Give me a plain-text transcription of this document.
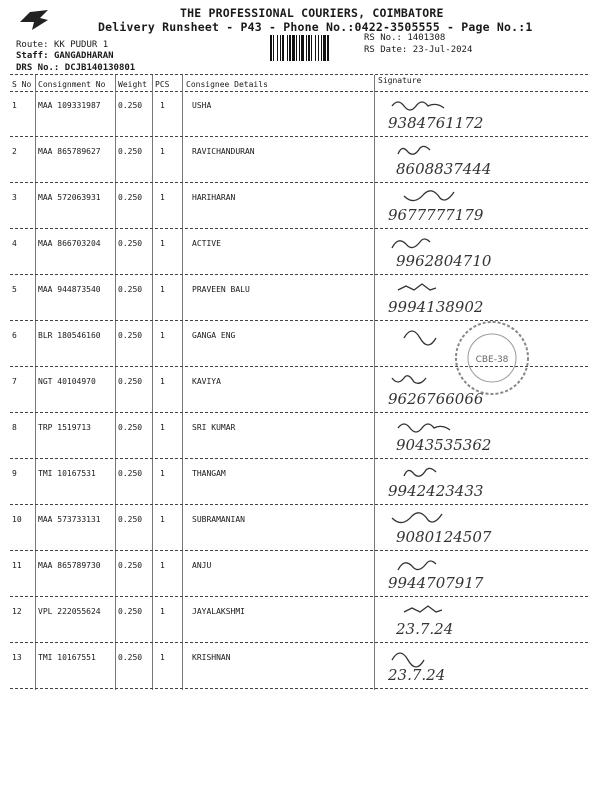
THE PROFESSIONAL COURIERS, COIMBATORE
Delivery Runsheet - P43 - Phone No.:0422-3505555 - Page No.:1
Route: KK PUDUR 1
Staff: GANGADHARAN
DRS No.: DCJB140130801
RS No.: 1401308
RS Date: 23-Jul-2024
S No Consignment No Weight PCS Consignee Details	Signature
1	MAA 109331987 0.250 1	USHA
9384761172
2	MAA 865789627 0.250 1	RAVICHANDURAN
8608837444
3	MAA 572063931 0.250 1	HARIHARAN
9677777179
4	MAA 866703204 0.250 1	ACTIVE
9962804710
5	MAA 944873540 0.250 1	PRAVEEN BALU
9994138902
6	BLR 180546160 0.250 1	GANGA ENG
7	NGT 40104970	0.250 1	KAVIYA
9626766066
8	TRP 1519713	0.250 1	SRI KUMAR
9043535362
9	TMI 10167531	0.250 1	THANGAM
9942423433
10 MAA 573733131 0.250 1	SUBRAMANIAN
9080124507
11 MAA 865789730 0.250 1	ANJU
9944707917
12 VPL 222055624 0.250 1	JAYALAKSHMI
23.7.24
13 TMI 10167551	0.250 1	KRISHNAN
23.7.24
CBE-38
